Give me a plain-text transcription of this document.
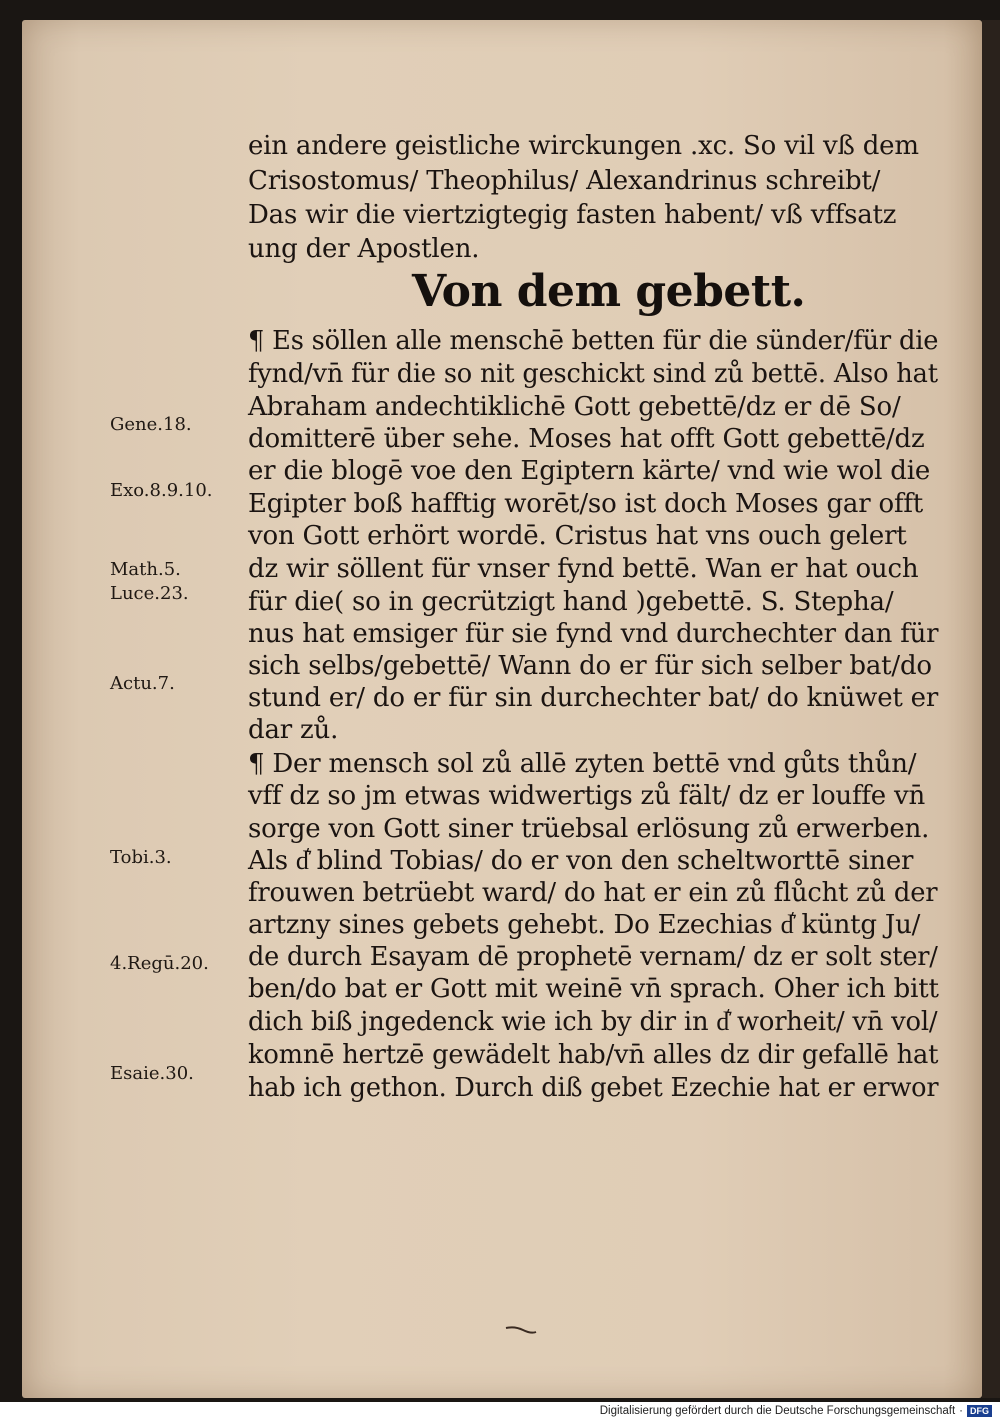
ein andere geistliche wirckungen .xc. So vil vß dem
Crisostomus/ Theophilus/ Alexandrinus schreibt/
Das wir die viertzigtegig fasten habent/ vß vffsatz
ung der Apostlen.
Von dem gebett.
¶ Es söllen alle menschē betten für die sünder/für die
fynd/vn̄ für die so nit geschickt sind zů bettē. Also hat
Abraham andechtiklichē Gott gebettē/dz er dē So/
domitterē über sehe. Moses hat offt Gott gebettē/dz
er die blogē voe den Egiptern kärte/ vnd wie wol die
Egipter boß hafftig worēt/so ist doch Moses gar offt
von Gott erhört wordē. Cristus hat vns ouch gelert
dz wir söllent für vnser fynd bettē. Wan er hat ouch
für die( so in gecrützigt hand )gebettē. S. Stepha/
nus hat emsiger für sie fynd vnd durchechter dan für
sich selbs/gebettē/ Wann do er für sich selber bat/do
stund er/ do er für sin durchechter bat/ do knüwet er
dar zů.
¶ Der mensch sol zů allē zyten bettē vnd gůts thůn/
vff dz so jm etwas widwertigs zů fält/ dz er louffe vn̄
sorge von Gott siner trüebsal erlösung zů erwerben.
Als d͛ blind Tobias/ do er von den scheltworttē siner
frouwen betrüebt ward/ do hat er ein zů flůcht zů der
artzny sines gebets gehebt. Do Ezechias d͛ küntg Ju/
de durch Esayam dē prophetē vernam/ dz er solt ster/
ben/do bat er Gott mit weinē vn̄ sprach. Oher ich bitt
dich biß jngedenck wie ich by dir in d͛ worheit/ vn̄ vol/
komnē hertzē gewädelt hab/vn̄ alles dz dir gefallē hat
hab ich gethon. Durch diß gebet Ezechie hat er erwor
Gene.18.
Exo.8.9.10.
Math.5.
Luce.23.
Actu.7.
Tobi.3.
4.Regū.20.
Esaie.30.
Digitalisierung gefördert durch die Deutsche Forschungsgemeinschaft · DFG
